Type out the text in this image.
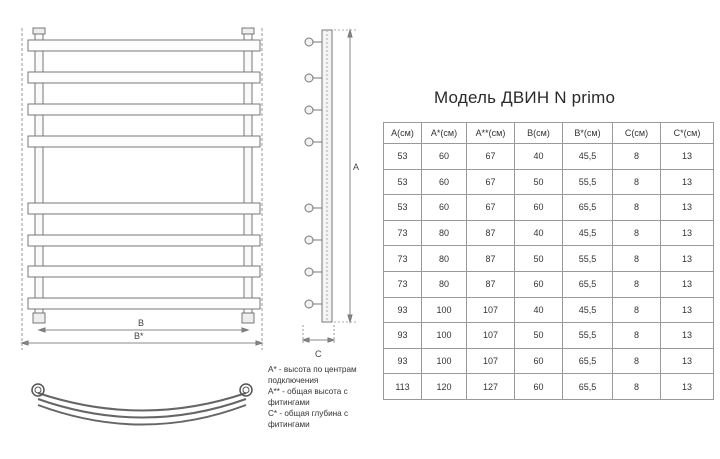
B
B*
A
C
Модель ДВИН N primo
A(см)	A*(см)	A**(см)	B(см)	B*(см)	C(см)	C*(см)
53	60	67	40	45,5	8	13
53	60	67	50	55,5	8	13
53	60	67	60	65,5	8	13
73	80	87	40	45,5	8	13
73	80	87	50	55,5	8	13
73	80	87	60	65,5	8	13
93	100	107	40	45,5	8	13
93	100	107	50	55,5	8	13
93	100	107	60	65,5	8	13
113	120	127	60	65,5	8	13

A* - высота по центрам

подключения

A** - общая высота с

фитингами

C* - общая глубина с

фитингами
